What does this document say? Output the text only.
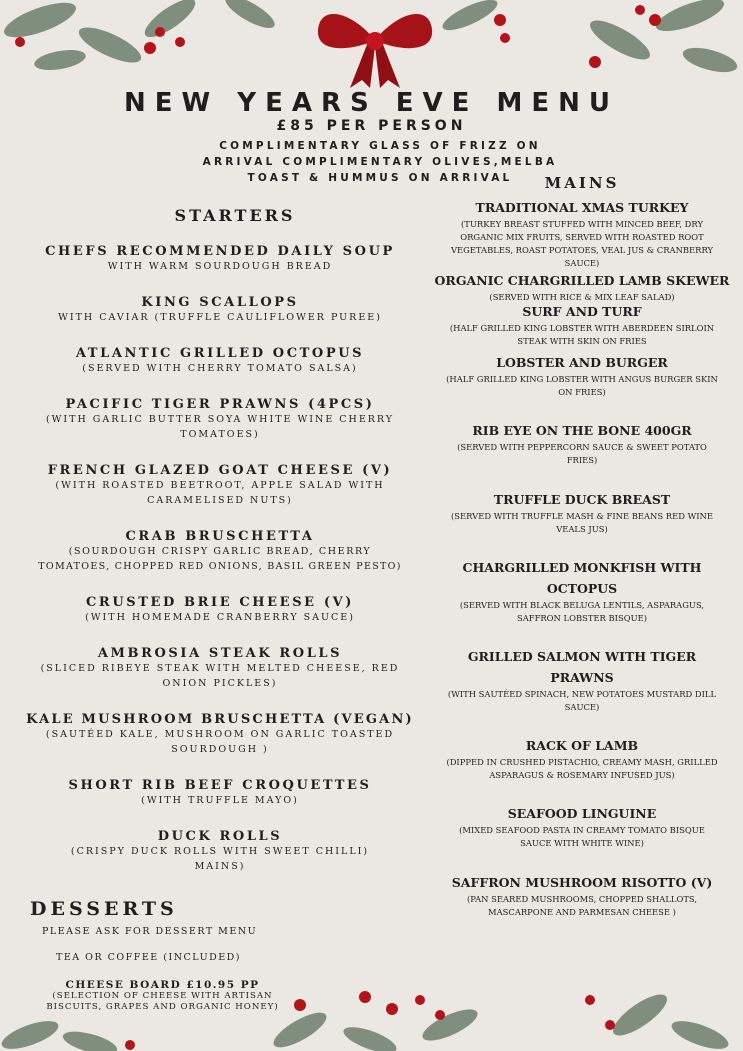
NEW YEARS EVE MENU
£85 PER PERSON
COMPLIMENTARY GLASS OF FRIZZ ON
ARRIVAL COMPLIMENTARY OLIVES,MELBA
TOAST & HUMMUS ON ARRIVAL
STARTERS
CHEFS RECOMMENDED DAILY SOUP
WITH WARM SOURDOUGH BREAD
KING SCALLOPS
WITH CAVIAR (TRUFFLE CAULIFLOWER PUREE)
ATLANTIC GRILLED OCTOPUS
(SERVED WITH CHERRY TOMATO SALSA)
PACIFIC TIGER PRAWNS (4PCS)
(WITH GARLIC BUTTER SOYA WHITE WINE CHERRY
TOMATOES)
FRENCH GLAZED GOAT CHEESE (V)
(WITH ROASTED BEETROOT, APPLE SALAD WITH
CARAMELISED NUTS)
CRAB BRUSCHETTA
(SOURDOUGH CRISPY GARLIC BREAD, CHERRY
TOMATOES, CHOPPED RED ONIONS, BASIL GREEN PESTO)
CRUSTED BRIE CHEESE (V)
(WITH HOMEMADE CRANBERRY SAUCE)
AMBROSIA STEAK ROLLS
(SLICED RIBEYE STEAK WITH MELTED CHEESE, RED
ONION PICKLES)
KALE MUSHROOM BRUSCHETTA (VEGAN)
(SAUTÉED KALE, MUSHROOM ON GARLIC TOASTED
SOURDOUGH )
SHORT RIB BEEF CROQUETTES
(WITH TRUFFLE MAYO)
DUCK ROLLS
(CRISPY DUCK ROLLS WITH SWEET CHILLI)
MAINS)
MAINS
TRADITIONAL XMAS TURKEY
(TURKEY BREAST STUFFED WITH MINCED BEEF, DRY
ORGANIC MIX FRUITS, SERVED WITH ROASTED ROOT
VEGETABLES, ROAST POTATOES, VEAL JUS & CRANBERRY
SAUCE)
ORGANIC CHARGRILLED LAMB SKEWER
(SERVED WITH RICE & MIX LEAF SALAD)
SURF AND TURF
(HALF GRILLED KING LOBSTER WITH ABERDEEN SIRLOIN
STEAK WITH SKIN ON FRIES
LOBSTER AND BURGER
(HALF GRILLED KING LOBSTER WITH ANGUS BURGER SKIN
ON FRIES)
RIB EYE ON THE BONE 400GR
(SERVED WITH PEPPERCORN SAUCE & SWEET POTATO
FRIES)
TRUFFLE DUCK BREAST
(SERVED WITH TRUFFLE MASH & FINE BEANS RED WINE
VEALS JUS)
CHARGRILLED MONKFISH WITH
OCTOPUS
(SERVED WITH BLACK BELUGA LENTILS, ASPARAGUS,
SAFFRON LOBSTER BISQUE)
GRILLED SALMON WITH TIGER
PRAWNS
(WITH SAUTÉED SPINACH, NEW POTATOES MUSTARD DILL
SAUCE)
RACK OF LAMB
(DIPPED IN CRUSHED PISTACHIO, CREAMY MASH, GRILLED
ASPARAGUS & ROSEMARY INFUSED JUS)
SEAFOOD LINGUINE
(MIXED SEAFOOD PASTA IN CREAMY TOMATO BISQUE
SAUCE WITH WHITE WINE)
SAFFRON MUSHROOM RISOTTO (V)
(PAN SEARED MUSHROOMS, CHOPPED SHALLOTS,
MASCARPONE AND PARMESAN CHEESE )
DESSERTS
PLEASE ASK FOR DESSERT MENU
TEA OR COFFEE (INCLUDED)
CHEESE BOARD £10.95 PP
(SELECTION OF CHEESE WITH ARTISAN
BISCUITS, GRAPES AND ORGANIC HONEY)
